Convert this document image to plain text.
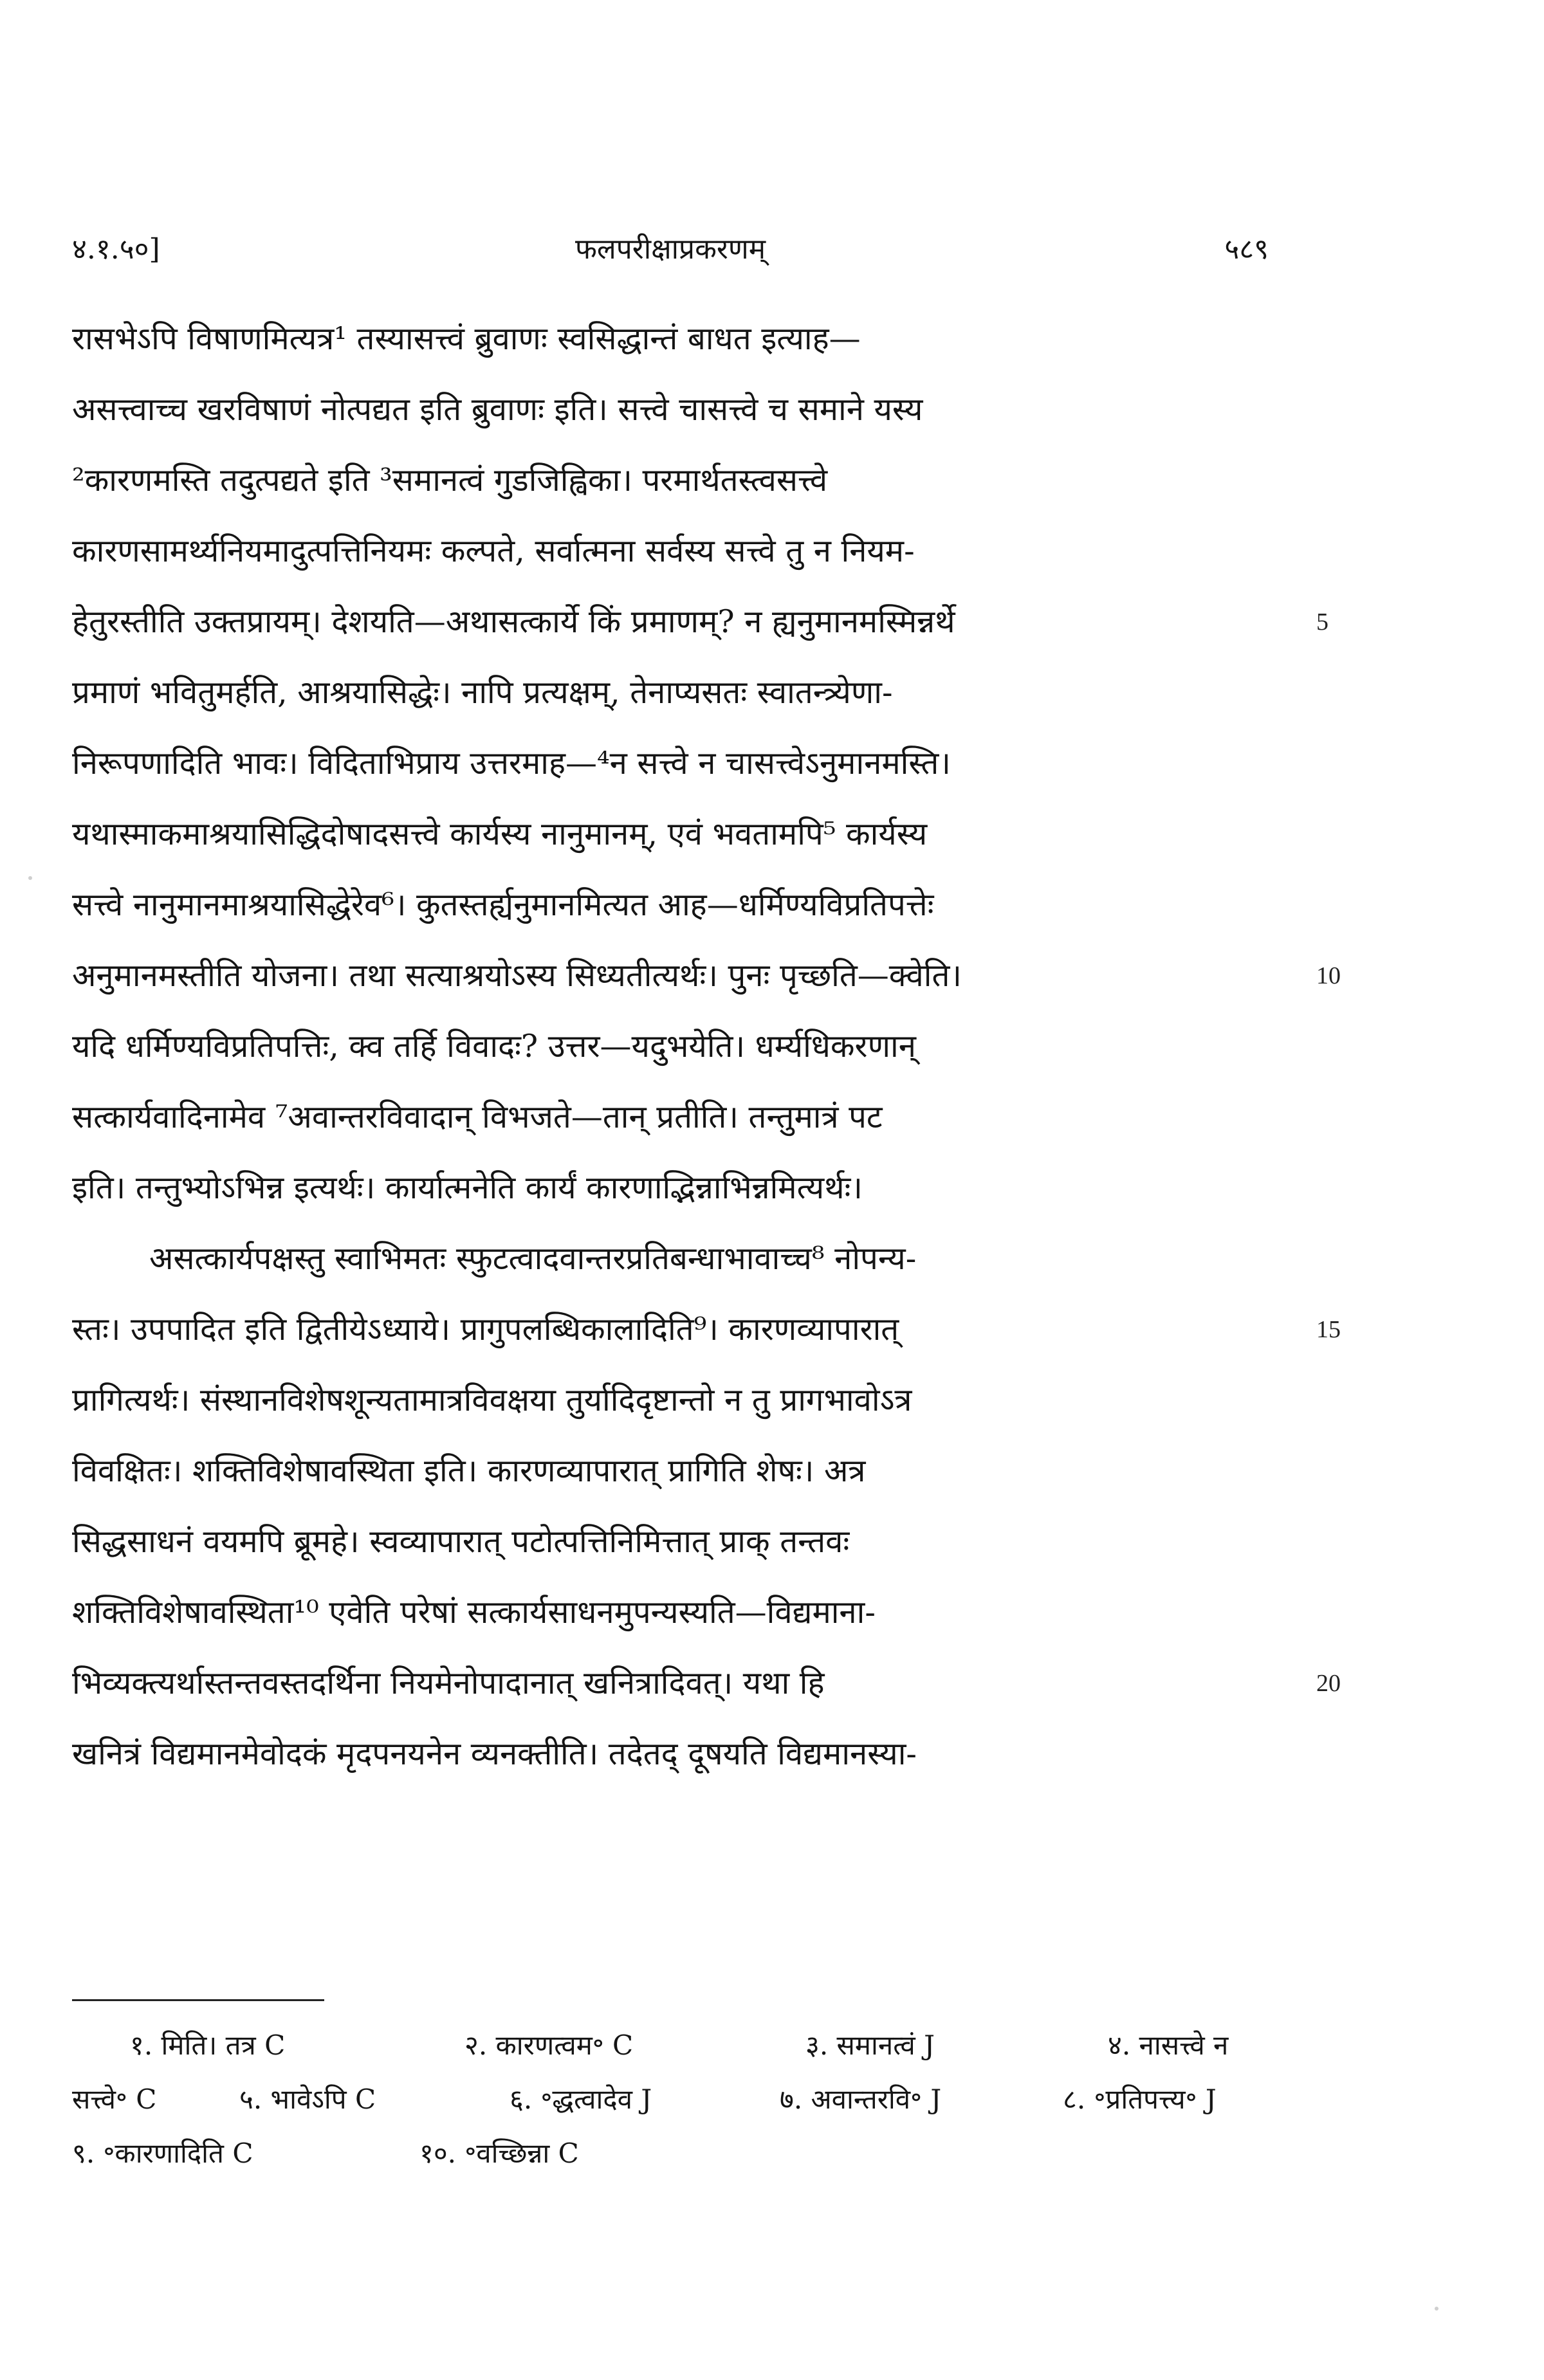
४.१.५०]	फलपरीक्षाप्रकरणम्	५८९
रासभेऽपि विषाणमित्यत्र¹ तस्यासत्त्वं ब्रुवाणः स्वसिद्धान्तं बाधत इत्याह—
असत्त्वाच्च खरविषाणं नोत्पद्यत इति ब्रुवाणः इति। सत्त्वे चासत्त्वे च समाने यस्य
²कारणमस्ति तदुत्पद्यते इति ³समानत्वं गुडजिह्विका। परमार्थतस्त्वसत्त्वे
कारणसामर्थ्यनियमादुत्पत्तिनियमः कल्पते, सर्वात्मना सर्वस्य सत्त्वे तु न नियम-
हेतुरस्तीति उक्तप्रायम्। देशयति—अथासत्कार्ये किं प्रमाणम्? न ह्यनुमानमस्मिन्नर्थे
प्रमाणं भवितुमर्हति, आश्रयासिद्धेः। नापि प्रत्यक्षम्, तेनाप्यसतः स्वातन्त्र्येणा-
निरूपणादिति भावः। विदिताभिप्राय उत्तरमाह—⁴न सत्त्वे न चासत्त्वेऽनुमानमस्ति।
यथास्माकमाश्रयासिद्धिदोषादसत्त्वे कार्यस्य नानुमानम्, एवं भवतामपि⁵ कार्यस्य
सत्त्वे नानुमानमाश्रयासिद्धेरेव⁶। कुतस्तर्ह्यनुमानमित्यत आह—धर्मिण्यविप्रतिपत्तेः
अनुमानमस्तीति योजना। तथा सत्याश्रयोऽस्य सिध्यतीत्यर्थः। पुनः पृच्छति—क्वेति।
यदि धर्मिण्यविप्रतिपत्तिः, क्व तर्हि विवादः? उत्तर—यदुभयेति। धर्म्यधिकरणान्
सत्कार्यवादिनामेव ⁷अवान्तरविवादान् विभजते—तान् प्रतीति। तन्तुमात्रं पट
इति। तन्तुभ्योऽभिन्न इत्यर्थः। कार्यात्मनेति कार्यं कारणाद्भिन्नाभिन्नमित्यर्थः।
असत्कार्यपक्षस्तु स्वाभिमतः स्फुटत्वादवान्तरप्रतिबन्धाभावाच्च⁸ नोपन्य-
स्तः। उपपादित इति द्वितीयेऽध्याये। प्रागुपलब्धिकालादिति⁹। कारणव्यापारात्
प्रागित्यर्थः। संस्थानविशेषशून्यतामात्रविवक्षया तुर्यादिदृष्टान्तो न तु प्रागभावोऽत्र
विवक्षितः। शक्तिविशेषावस्थिता इति। कारणव्यापारात् प्रागिति शेषः। अत्र
सिद्धसाधनं वयमपि ब्रूमहे। स्वव्यापारात् पटोत्पत्तिनिमित्तात् प्राक् तन्तवः
शक्तिविशेषावस्थिता¹⁰ एवेति परेषां सत्कार्यसाधनमुपन्यस्यति—विद्यमाना-
भिव्यक्त्यर्थास्तन्तवस्तदर्थिना नियमेनोपादानात् खनित्रादिवत्। यथा हि
खनित्रं विद्यमानमेवोदकं मृदपनयनेन व्यनक्तीति। तदेतद् दूषयति विद्यमानस्या-
5
10
15
20
१. मिति। तत्र C	२. कारणत्वम॰ C	३. समानत्वं J	४. नासत्त्वे न
सत्त्वे॰ C	५. भावेऽपि C	६. ॰द्धत्वादेव J	७. अवान्तरवि॰ J	८. ॰प्रतिपत्त्य॰ J
९. ॰कारणादिति C	१०. ॰वच्छिन्ना C
